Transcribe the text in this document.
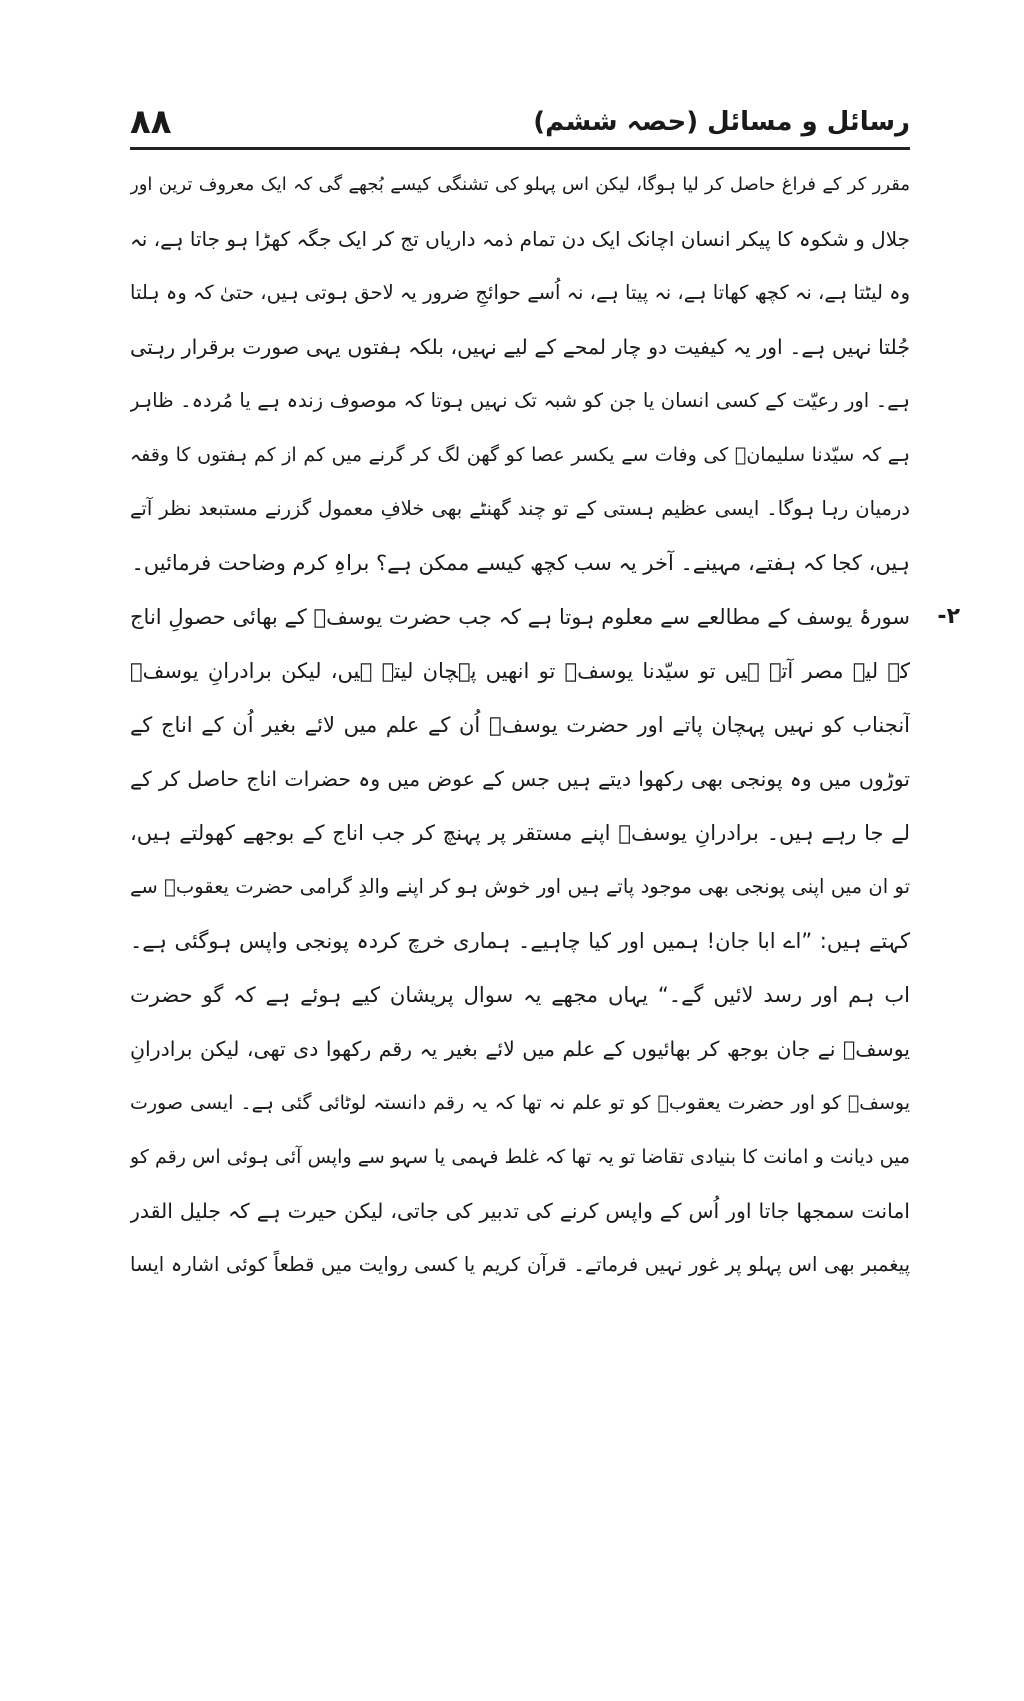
رسائل و مسائل (حصہ ششم)
۸۸
مقرر کر کے فراغ حاصل کر لیا ہوگا، لیکن اس پہلو کی تشنگی کیسے بُجھے گی کہ ایک معروف ترین اور
جلال و شکوہ کا پیکر انسان اچانک ایک دن تمام ذمہ داریاں تج کر ایک جگہ کھڑا ہو جاتا ہے، نہ
وہ لیٹتا ہے، نہ کچھ کھاتا ہے، نہ پیتا ہے، نہ اُسے حوائجِ ضرور یہ لاحق ہوتی ہیں، حتیٰ کہ وہ ہلتا
جُلتا نہیں ہے۔ اور یہ کیفیت دو چار لمحے کے لیے نہیں، بلکہ ہفتوں یہی صورت برقرار رہتی
ہے۔ اور رعیّت کے کسی انسان یا جن کو شبہ تک نہیں ہوتا کہ موصوف زندہ ہے یا مُردہ۔ ظاہر
ہے کہ سیّدنا سلیمانؑ کی وفات سے یکسر عصا کو گھن لگ کر گرنے میں کم از کم ہفتوں کا وقفہ
درمیان رہا ہوگا۔ ایسی عظیم ہستی کے تو چند گھنٹے بھی خلافِ معمول گزرنے مستبعد نظر آتے
ہیں، کجا کہ ہفتے، مہینے۔ آخر یہ سب کچھ کیسے ممکن ہے؟ براہِ کرم وضاحت فرمائیں۔
۲-
سورۂ یوسف کے مطالعے سے معلوم ہوتا ہے کہ جب حضرت یوسفؑ کے بھائی حصولِ اناج
کے لیے مصر آتے ہیں تو سیّدنا یوسفؑ تو انھیں پہچان لیتے ہیں، لیکن برادرانِ یوسفؑ
آنجناب کو نہیں پہچان پاتے اور حضرت یوسفؑ اُن کے علم میں لائے بغیر اُن کے اناج کے
توڑوں میں وہ پونجی بھی رکھوا دیتے ہیں جس کے عوض میں وہ حضرات اناج حاصل کر کے
لے جا رہے ہیں۔ برادرانِ یوسفؑ اپنے مستقر پر پہنچ کر جب اناج کے بوجھے کھولتے ہیں،
تو ان میں اپنی پونجی بھی موجود پاتے ہیں اور خوش ہو کر اپنے والدِ گرامی حضرت یعقوبؑ سے
کہتے ہیں: ”اے ابا جان! ہمیں اور کیا چاہیے۔ ہماری خرچ کردہ پونجی واپس ہوگئی ہے۔
اب ہم اور رسد لائیں گے۔“ یہاں مجھے یہ سوال پریشان کیے ہوئے ہے کہ گو حضرت
یوسفؑ نے جان بوجھ کر بھائیوں کے علم میں لائے بغیر یہ رقم رکھوا دی تھی، لیکن برادرانِ
یوسفؑ کو اور حضرت یعقوبؑ کو تو علم نہ تھا کہ یہ رقم دانستہ لوٹائی گئی ہے۔ ایسی صورت
میں دیانت و امانت کا بنیادی تقاضا تو یہ تھا کہ غلط فہمی یا سہو سے واپس آئی ہوئی اس رقم کو
امانت سمجھا جاتا اور اُس کے واپس کرنے کی تدبیر کی جاتی، لیکن حیرت ہے کہ جلیل القدر
پیغمبر بھی اس پہلو پر غور نہیں فرماتے۔ قرآن کریم یا کسی روایت میں قطعاً کوئی اشارہ ایسا
